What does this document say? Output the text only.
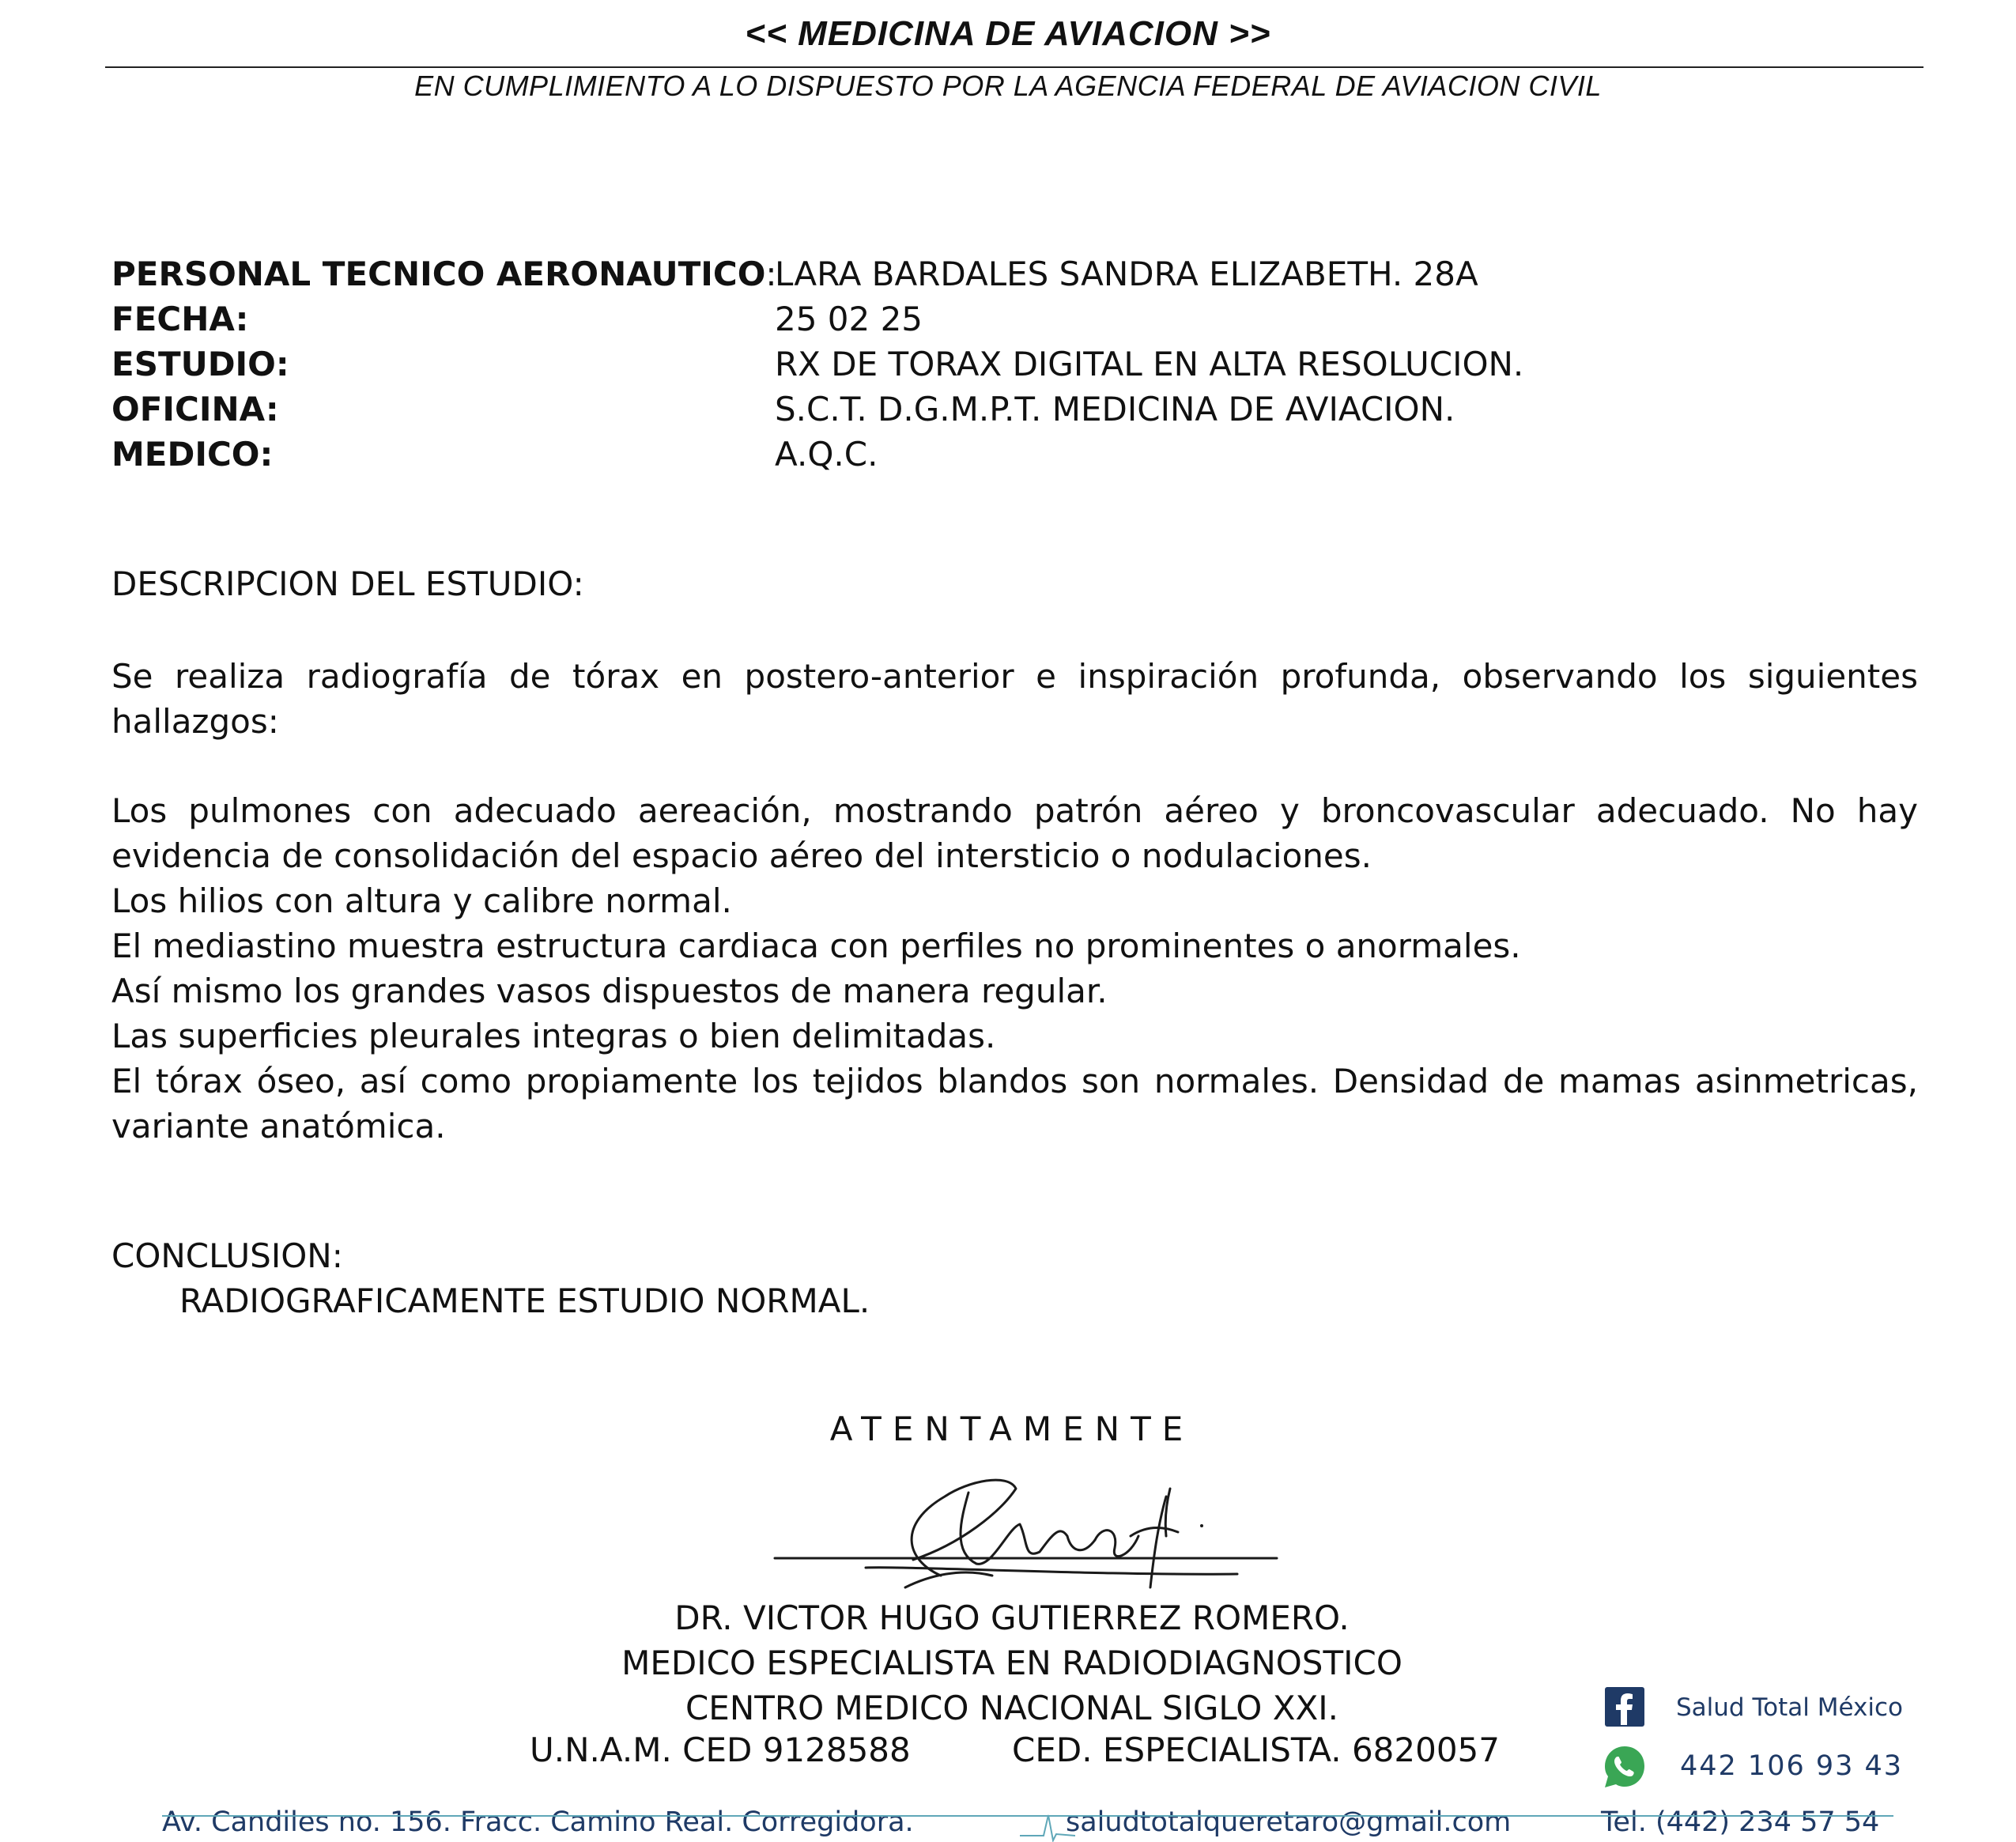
<< MEDICINA DE AVIACION >>
EN CUMPLIMIENTO A LO DISPUESTO POR LA AGENCIA FEDERAL DE AVIACION CIVIL
PERSONAL TECNICO AERONAUTICO:
LARA BARDALES SANDRA ELIZABETH. 28A
FECHA:	25 02 25
ESTUDIO:	RX DE TORAX DIGITAL EN ALTA RESOLUCION.
OFICINA:	S.C.T. D.G.M.P.T. MEDICINA DE AVIACION.
MEDICO:	A.Q.C.
DESCRIPCION DEL ESTUDIO:

Se realiza radiografía de tórax en postero-anterior e inspiración profunda, observando los siguientes hallazgos:

Los pulmones con adecuado aereación, mostrando patrón aéreo y broncovascular adecuado. No hay evidencia de consolidación del espacio aéreo del intersticio o nodulaciones.

Los hilios con altura y calibre normal.

El mediastino muestra estructura cardiaca con perfiles no prominentes o anormales.

Así mismo los grandes vasos dispuestos de manera regular.

Las superficies pleurales integras o bien delimitadas.

El tórax óseo, así como propiamente los tejidos blandos son normales. Densidad de mamas asinmetricas, variante anatómica.

CONCLUSION:
RADIOGRAFICAMENTE ESTUDIO NORMAL.
ATENTAMENTE
DR. VICTOR HUGO GUTIERREZ ROMERO.
MEDICO ESPECIALISTA EN RADIODIAGNOSTICO
CENTRO MEDICO NACIONAL SIGLO XXI.
U.N.A.M. CED 9128588	CED. ESPECIALISTA. 6820057
Salud Total México
442 106 93 43
Av. Candiles no. 156. Fracc. Camino Real. Corregidora.	saludtotalqueretaro@gmail.com	Tel. (442) 234 57 54
